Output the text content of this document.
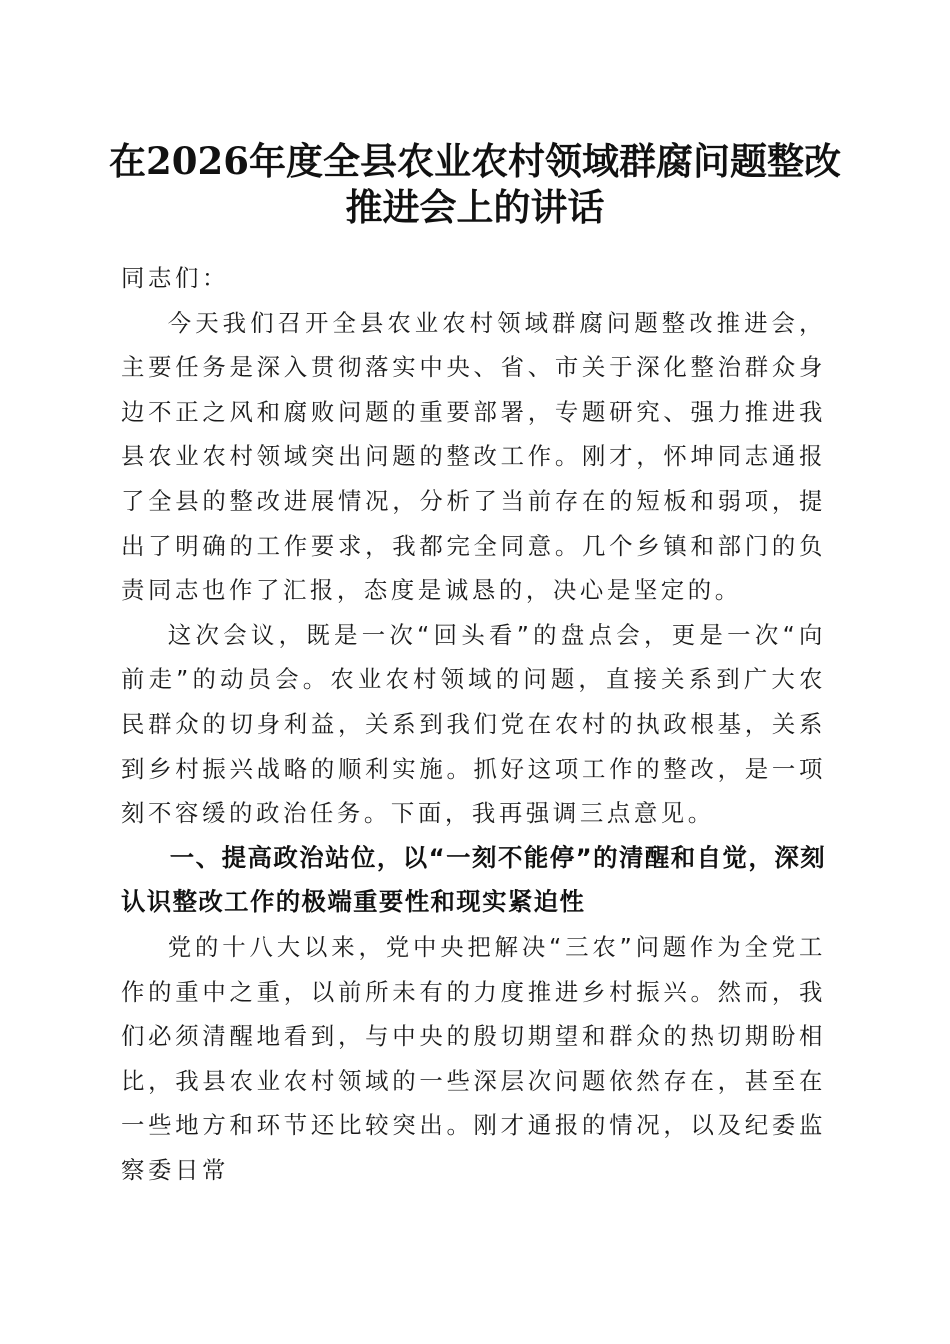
在2026年度全县农业农村领域群腐问题整改
推进会上的讲话

同志们：

今天我们召开全县农业农村领域群腐问题整改推进会，主要任务是深入贯彻落实中央、省、市关于深化整治群众身边不正之风和腐败问题的重要部署，专题研究、强力推进我县农业农村领域突出问题的整改工作。刚才，怀坤同志通报了全县的整改进展情况，分析了当前存在的短板和弱项，提出了明确的工作要求，我都完全同意。几个乡镇和部门的负责同志也作了汇报，态度是诚恳的，决心是坚定的。

这次会议，既是一次“回头看”的盘点会，更是一次“向前走”的动员会。农业农村领域的问题，直接关系到广大农民群众的切身利益，关系到我们党在农村的执政根基，关系到乡村振兴战略的顺利实施。抓好这项工作的整改，是一项刻不容缓的政治任务。下面，我再强调三点意见。

一、提高政治站位，以“一刻不能停”的清醒和自觉，深刻认识整改工作的极端重要性和现实紧迫性

党的十八大以来，党中央把解决“三农”问题作为全党工作的重中之重，以前所未有的力度推进乡村振兴。然而，我们必须清醒地看到，与中央的殷切期望和群众的热切期盼相比，我县农业农村领域的一些深层次问题依然存在，甚至在一些地方和环节还比较突出。刚才通报的情况，以及纪委监察委日常
